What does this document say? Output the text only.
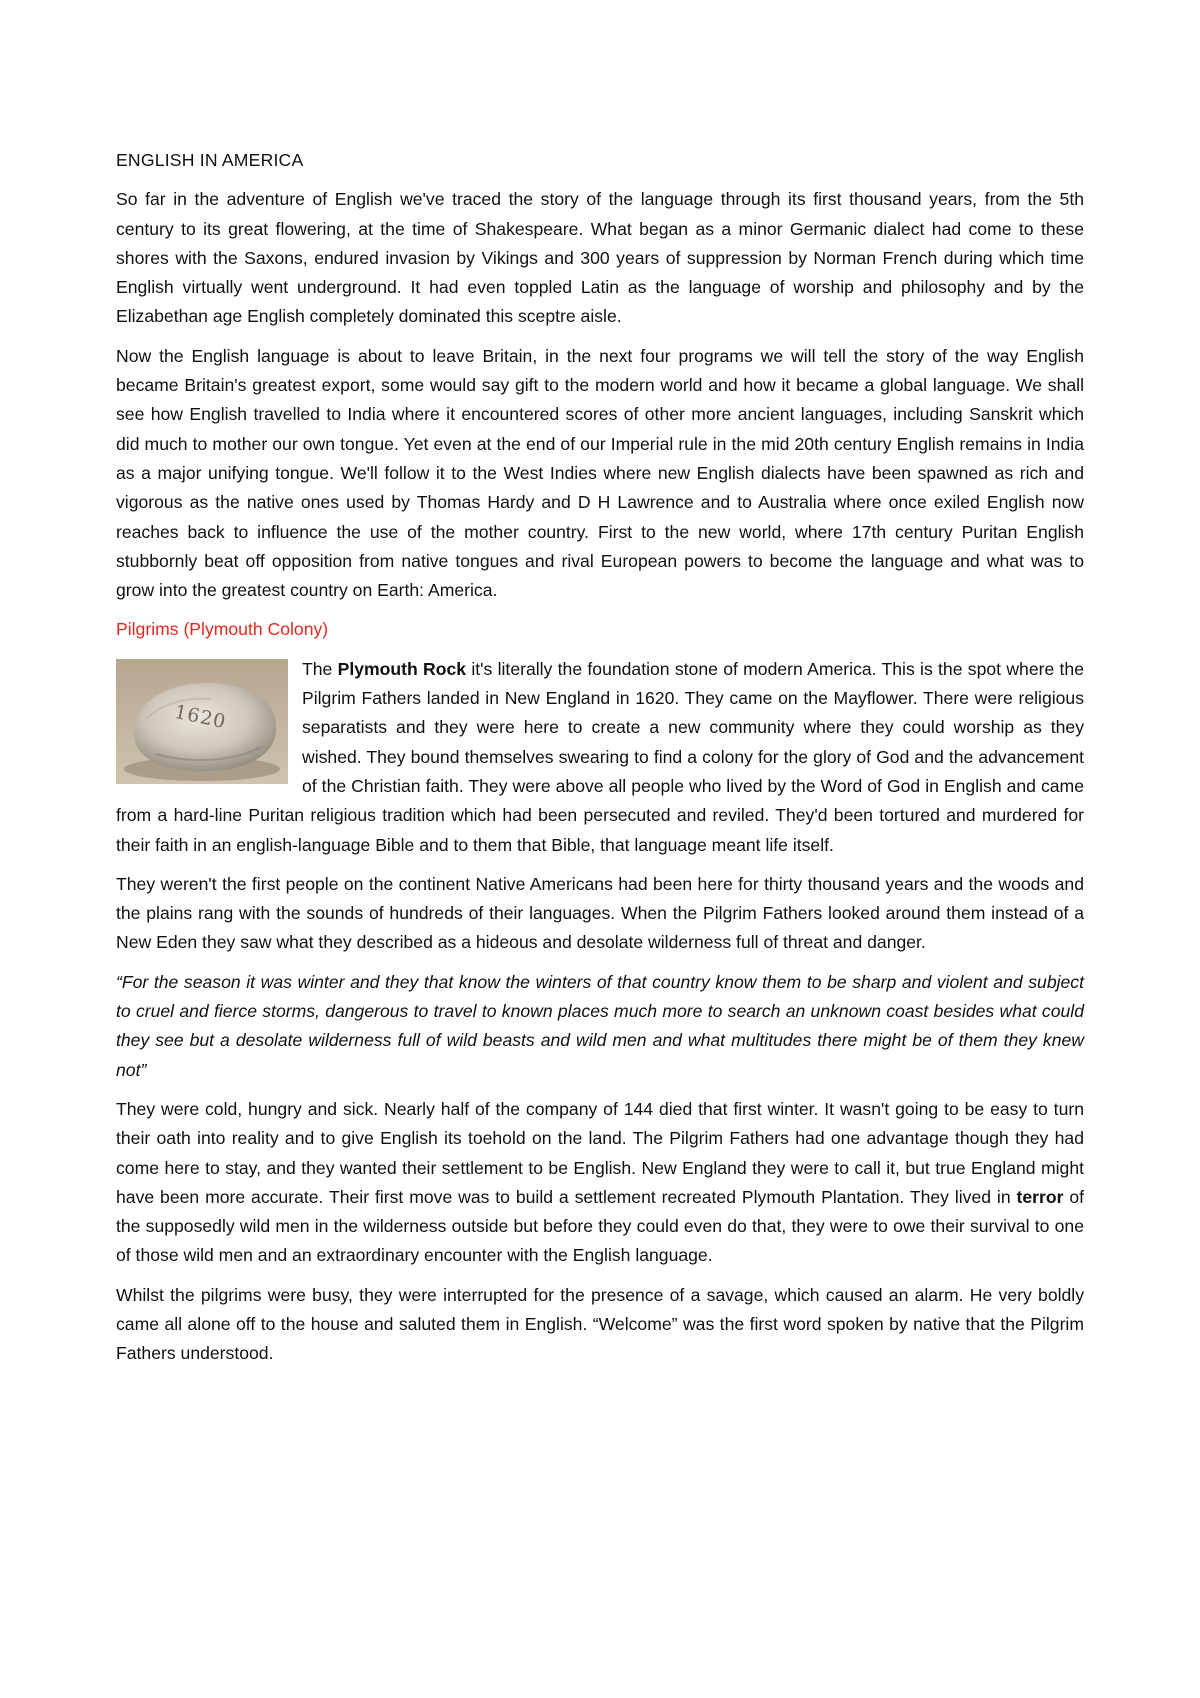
ENGLISH IN AMERICA

So far in the adventure of English we've traced the story of the language through its first thousand years, from the 5th century to its great flowering, at the time of Shakespeare. What began as a minor Germanic dialect had come to these shores with the Saxons, endured invasion by Vikings and 300 years of suppression by Norman French during which time English virtually went underground. It had even toppled Latin as the language of worship and philosophy and by the Elizabethan age English completely dominated this sceptre aisle.

Now the English language is about to leave Britain, in the next four programs we will tell the story of the way English became Britain's greatest export, some would say gift to the modern world and how it became a global language. We shall see how English travelled to India where it encountered scores of other more ancient languages, including Sanskrit which did much to mother our own tongue. Yet even at the end of our Imperial rule in the mid 20th century English remains in India as a major unifying tongue. We'll follow it to the West Indies where new English dialects have been spawned as rich and vigorous as the native ones used by Thomas Hardy and D H Lawrence and to Australia where once exiled English now reaches back to influence the use of the mother country. First to the new world, where 17th century Puritan English stubbornly beat off opposition from native tongues and rival European powers to become the language and what was to grow into the greatest country on Earth: America.

Pilgrims (Plymouth Colony)
1620

The Plymouth Rock it's literally the foundation stone of modern America. This is the spot where the Pilgrim Fathers landed in New England in 1620. They came on the Mayflower. There were religious separatists and they were here to create a new community where they could worship as they wished. They bound themselves swearing to find a colony for the glory of God and the advancement of the Christian faith. They were above all people who lived by the Word of God in English and came from a hard-line Puritan religious tradition which had been persecuted and reviled. They'd been tortured and murdered for their faith in an english-language Bible and to them that Bible, that language meant life itself.

They weren't the first people on the continent Native Americans had been here for thirty thousand years and the woods and the plains rang with the sounds of hundreds of their languages. When the Pilgrim Fathers looked around them instead of a New Eden they saw what they described as a hideous and desolate wilderness full of threat and danger.

“For the season it was winter and they that know the winters of that country know them to be sharp and violent and subject to cruel and fierce storms, dangerous to travel to known places much more to search an unknown coast besides what could they see but a desolate wilderness full of wild beasts and wild men and what multitudes there might be of them they knew not”

They were cold, hungry and sick. Nearly half of the company of 144 died that first winter. It wasn't going to be easy to turn their oath into reality and to give English its toehold on the land. The Pilgrim Fathers had one advantage though they had come here to stay, and they wanted their settlement to be English. New England they were to call it, but true England might have been more accurate. Their first move was to build a settlement recreated Plymouth Plantation. They lived in terror of the supposedly wild men in the wilderness outside but before they could even do that, they were to owe their survival to one of those wild men and an extraordinary encounter with the English language.

Whilst the pilgrims were busy, they were interrupted for the presence of a savage, which caused an alarm. He very boldly came all alone off to the house and saluted them in English. “Welcome” was the first word spoken by native that the Pilgrim Fathers understood.
